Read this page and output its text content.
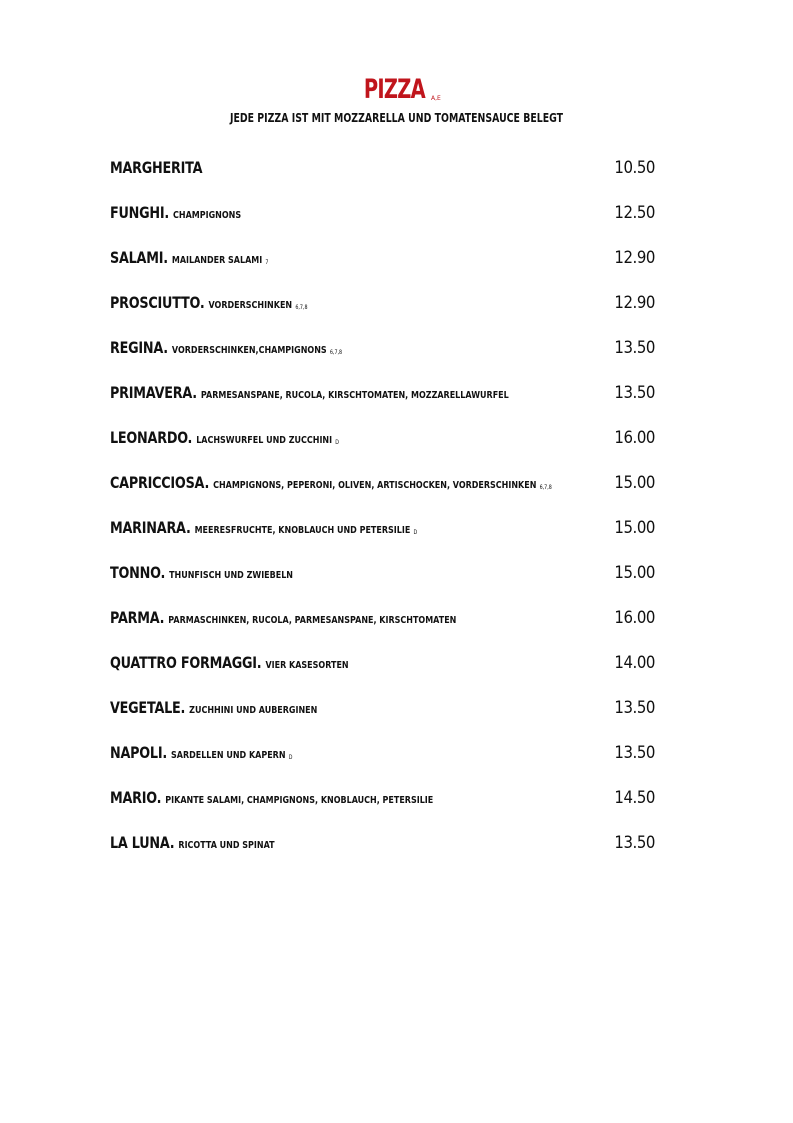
PIZZA A,E
JEDE PIZZA IST MIT MOZZARELLA UND TOMATENSAUCE BELEGT
MARGHERITA	10.50
FUNGHI. CHAMPIGNONS	12.50
SALAMI. MAILANDER SALAMI 7	12.90
PROSCIUTTO. VORDERSCHINKEN 6,7,8	12.90
REGINA. VORDERSCHINKEN,CHAMPIGNONS 6,7,8	13.50
PRIMAVERA. PARMESANSPANE, RUCOLA, KIRSCHTOMATEN, MOZZARELLAWURFEL	13.50
LEONARDO. LACHSWURFEL UND ZUCCHINI D	16.00
CAPRICCIOSA. CHAMPIGNONS, PEPERONI, OLIVEN, ARTISCHOCKEN, VORDERSCHINKEN 6,7,8	15.00
MARINARA. MEERESFRUCHTE, KNOBLAUCH UND PETERSILIE D	15.00
TONNO. THUNFISCH UND ZWIEBELN	15.00
PARMA. PARMASCHINKEN, RUCOLA, PARMESANSPANE, KIRSCHTOMATEN	16.00
QUATTRO FORMAGGI. VIER KASESORTEN	14.00
VEGETALE. ZUCHHINI UND AUBERGINEN	13.50
NAPOLI. SARDELLEN UND KAPERN D	13.50
MARIO. PIKANTE SALAMI, CHAMPIGNONS, KNOBLAUCH, PETERSILIE	14.50
LA LUNA. RICOTTA UND SPINAT	13.50
